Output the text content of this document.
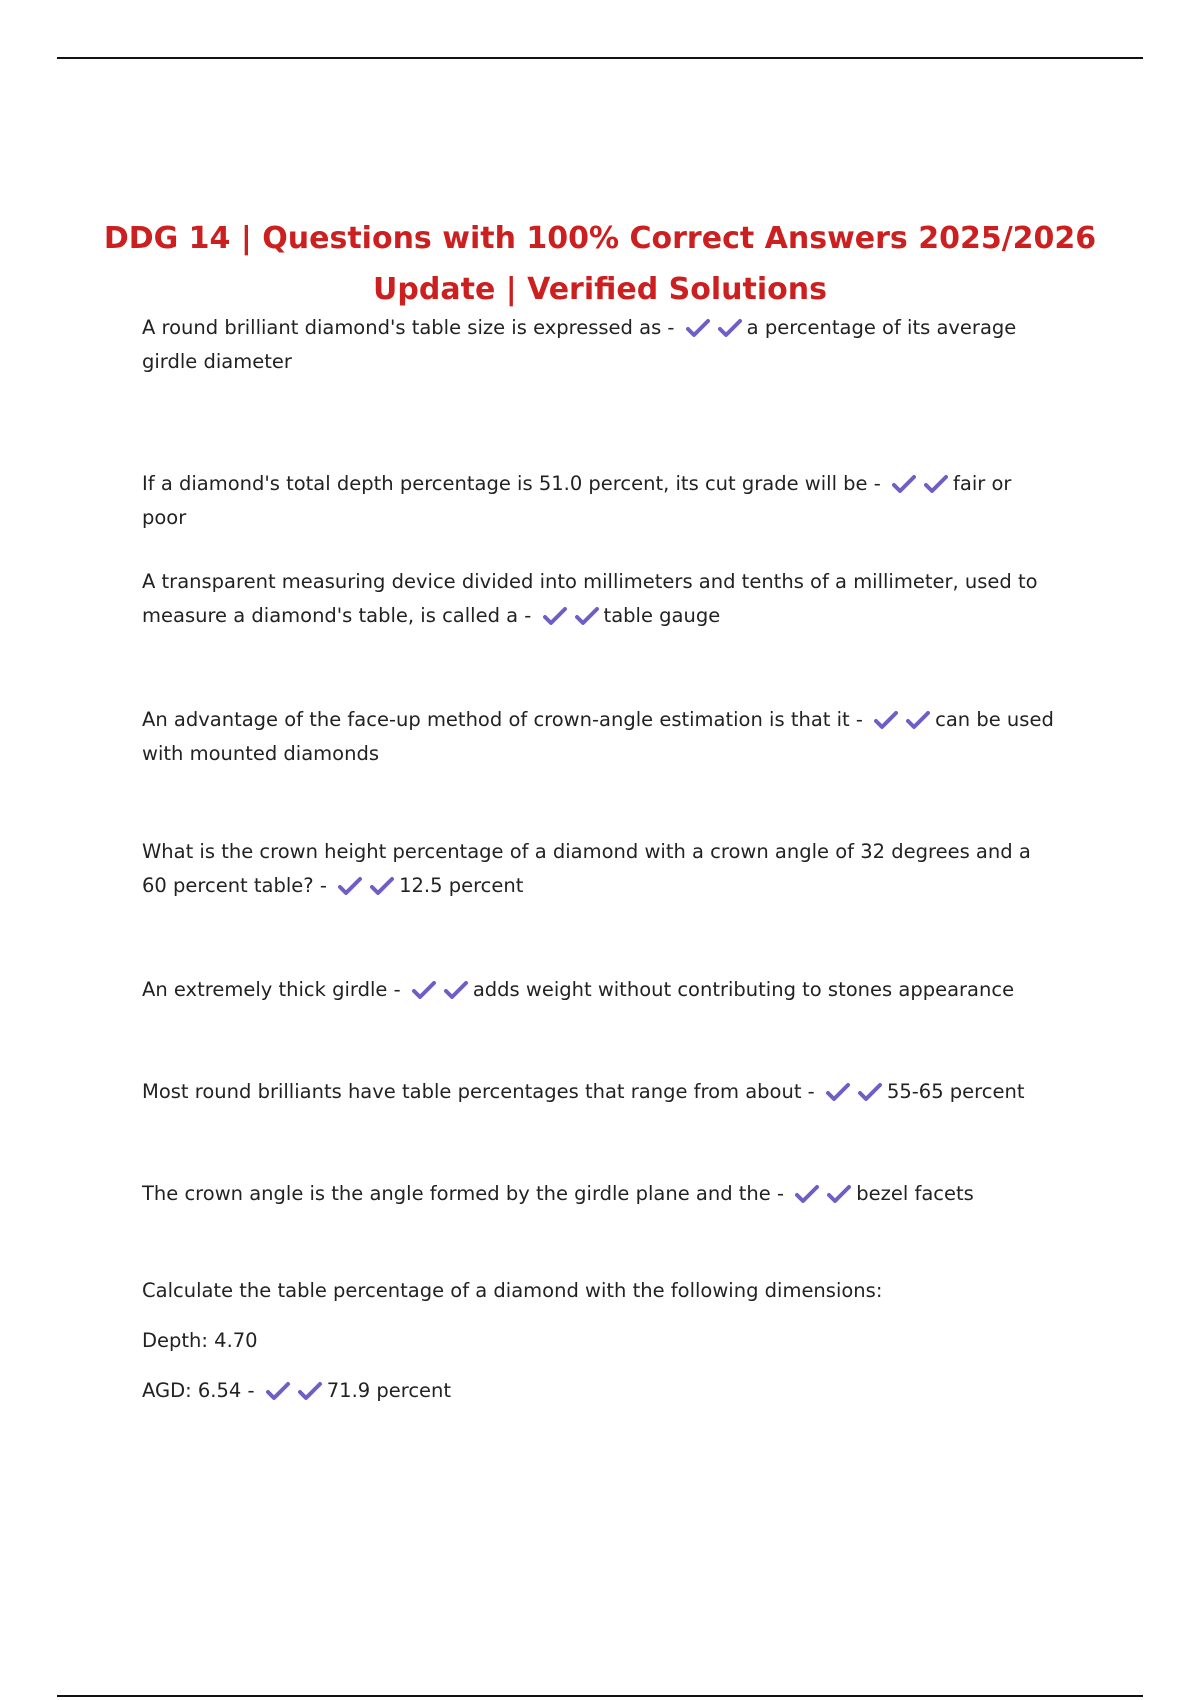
DDG 14 | Questions with 100% Correct Answers 2025/2026 Update | Verified Solutions

A round brilliant diamond's table size is expressed as -	a percentage of its average girdle diameter

If a diamond's total depth percentage is 51.0 percent, its cut grade will be -	fair or poor

A transparent measuring device divided into millimeters and tenths of a millimeter, used to measure a diamond's table, is called a -	table gauge

An advantage of the face-up method of crown-angle estimation is that it -	can be used with mounted diamonds

What is the crown height percentage of a diamond with a crown angle of 32 degrees and a 60 percent table? -	12.5 percent

An extremely thick girdle -	adds weight without contributing to stones appearance

Most round brilliants have table percentages that range from about -	55-65 percent

The crown angle is the angle formed by the girdle plane and the -	bezel facets

Calculate the table percentage of a diamond with the following dimensions:
Depth: 4.70
AGD: 6.54 -	71.9 percent
